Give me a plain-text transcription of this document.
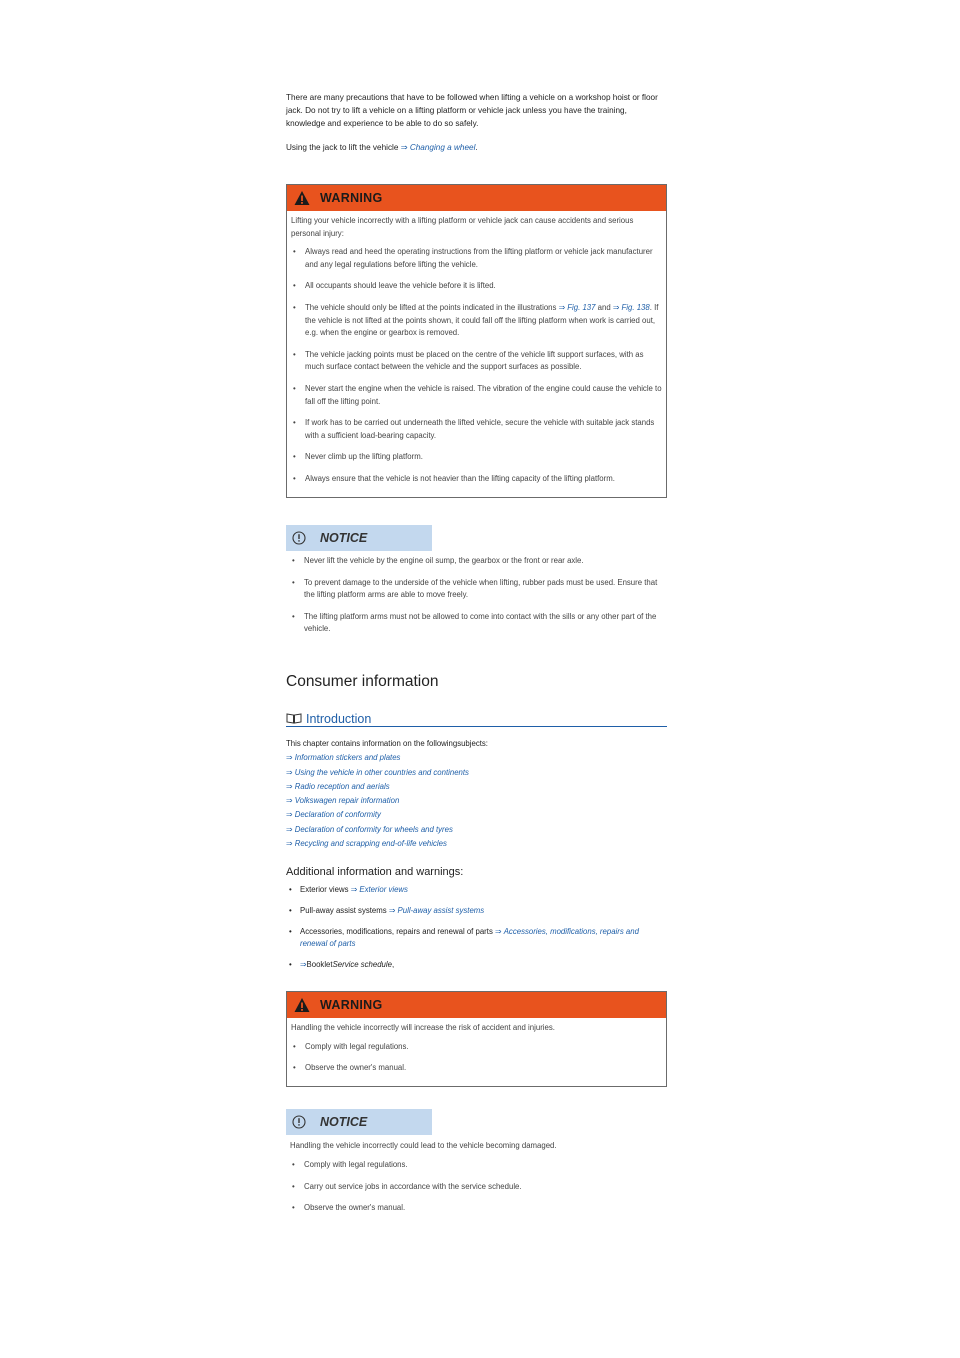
There are many precautions that have to be followed when lifting a vehicle on a workshop hoist or floor jack. Do not try to lift a vehicle on a lifting platform or vehicle jack unless you have the training, knowledge and experience to be able to do so safely.

Using the jack to lift the vehicle ⇒ Changing a wheel.

WARNING
Lifting your vehicle incorrectly with a lifting platform or vehicle jack can cause accidents and serious personal injury:
• Always read and heed the operating instructions from the lifting platform or vehicle jack manufacturer and any legal regulations before lifting the vehicle.
• All occupants should leave the vehicle before it is lifted.
• The vehicle should only be lifted at the points indicated in the illustrations ⇒ Fig. 137 and ⇒ Fig. 138. If the vehicle is not lifted at the points shown, it could fall off the lifting platform when work is carried out, e.g. when the engine or gearbox is removed.
• The vehicle jacking points must be placed on the centre of the vehicle lift support surfaces, with as much surface contact between the vehicle and the support surfaces as possible.
• Never start the engine when the vehicle is raised. The vibration of the engine could cause the vehicle to fall off the lifting point.
• If work has to be carried out underneath the lifted vehicle, secure the vehicle with suitable jack stands with a sufficient load-bearing capacity.
• Never climb up the lifting platform.
• Always ensure that the vehicle is not heavier than the lifting capacity of the lifting platform.
NOTICE
• Never lift the vehicle by the engine oil sump, the gearbox or the front or rear axle.
• To prevent damage to the underside of the vehicle when lifting, rubber pads must be used. Ensure that the lifting platform arms are able to move freely.
• The lifting platform arms must not be allowed to come into contact with the sills or any other part of the vehicle.
Consumer information
Introduction
This chapter contains information on the followingsubjects:
⇒ Information stickers and plates
⇒ Using the vehicle in other countries and continents
⇒ Radio reception and aerials
⇒ Volkswagen repair information
⇒ Declaration of conformity
⇒ Declaration of conformity for wheels and tyres
⇒ Recycling and scrapping end-of-life vehicles
Additional information and warnings:
• Exterior views ⇒ Exterior views
• Pull-away assist systems ⇒ Pull-away assist systems
• Accessories, modifications, repairs and renewal of parts ⇒ Accessories, modifications, repairs and renewal of parts
• ⇒BookletService schedule,
WARNING
Handling the vehicle incorrectly will increase the risk of accident and injuries.
• Comply with legal regulations.
• Observe the owner's manual.
NOTICE
Handling the vehicle incorrectly could lead to the vehicle becoming damaged.
• Comply with legal regulations.
• Carry out service jobs in accordance with the service schedule.
• Observe the owner's manual.
